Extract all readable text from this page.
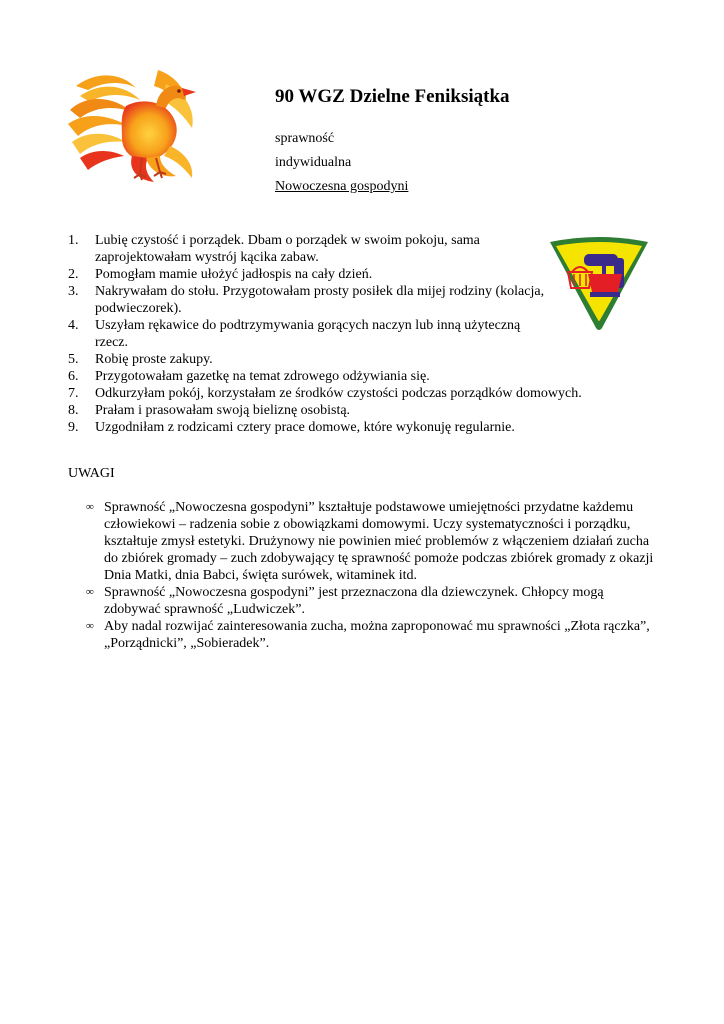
90 WGZ Dzielne Feniksiątka
sprawność
indywidualna
Nowoczesna gospodyni
1. Lubię czystość i porządek. Dbam o porządek w swoim pokoju, sama zaprojektowałam wystrój kącika zabaw.
2. Pomogłam mamie ułożyć jadłospis na cały dzień.
3. Nakrywałam do stołu. Przygotowałam prosty posiłek dla mijej rodziny (kolacja, podwieczorek).
4. Uszyłam rękawice do podtrzymywania gorących naczyn lub inną użyteczną rzecz.
5. Robię proste zakupy.
6. Przygotowałam gazetkę na temat zdrowego odżywiania się.
7. Odkurzyłam pokój, korzystałam ze środków czystości podczas porządków domowych.
8. Prałam i prasowałam swoją bieliznę osobistą.
9. Uzgodniłam z rodzicami cztery prace domowe, które wykonuję regularnie.
UWAGI
∞ Sprawność „Nowoczesna gospodyni” kształtuje podstawowe umiejętności przydatne każdemu człowiekowi – radzenia sobie z obowiązkami domowymi. Uczy systematyczności i porządku, kształtuje zmysł estetyki. Drużynowy nie powinien mieć problemów z włączeniem działań zucha do zbiórek gromady – zuch zdobywający tę sprawność pomoże podczas zbiórek gromady z okazji Dnia Matki, dnia Babci, święta surówek, witaminek itd.
∞ Sprawność „Nowoczesna gospodyni” jest przeznaczona dla dziewczynek. Chłopcy mogą zdobywać sprawność „Ludwiczek”.
∞ Aby nadal rozwijać zainteresowania zucha, można zaproponować mu sprawności „Złota rączka”, „Porządnicki”, „Sobieradek”.
